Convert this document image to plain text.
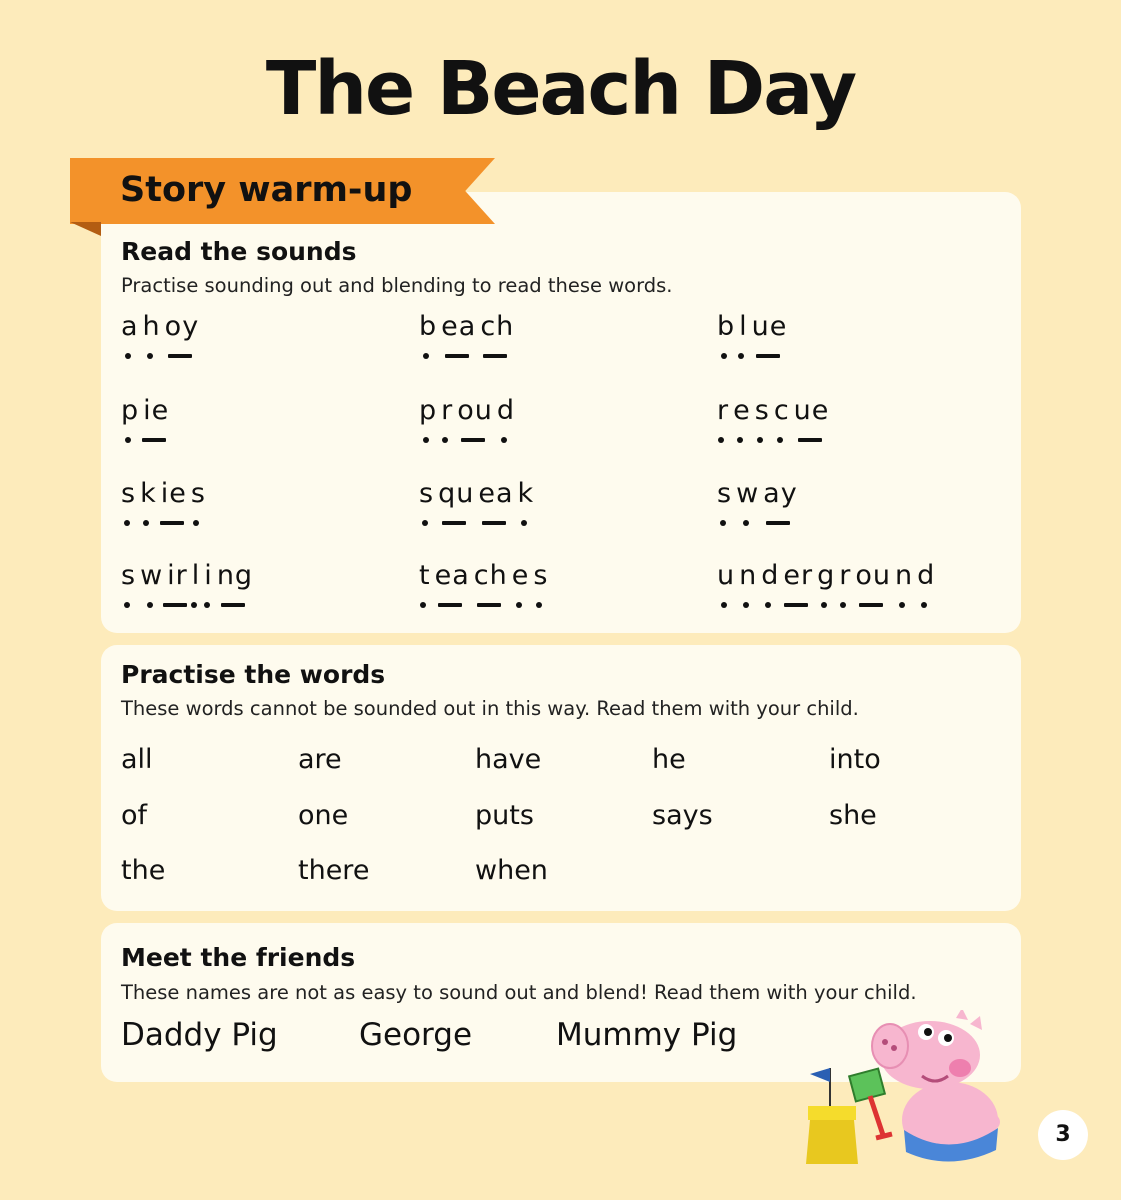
The Beach Day
Story warm-up
Read the sounds
Practise sounding out and blending to read these words.
a h oy	b ea ch	b l ue
p ie	p r ou d	r e s c ue
s k ie s	s qu ea k	s w ay
s w ir l i ng	t ea ch e s	u n d er g r ou n d
Practise the words
These words cannot be sounded out in this way. Read them with your child.
all	are	have	he	into
of	one	puts	says	she
the	there	when
Meet the friends
These names are not as easy to sound out and blend! Read them with your child.
Daddy Pig	George	Mummy Pig
3
